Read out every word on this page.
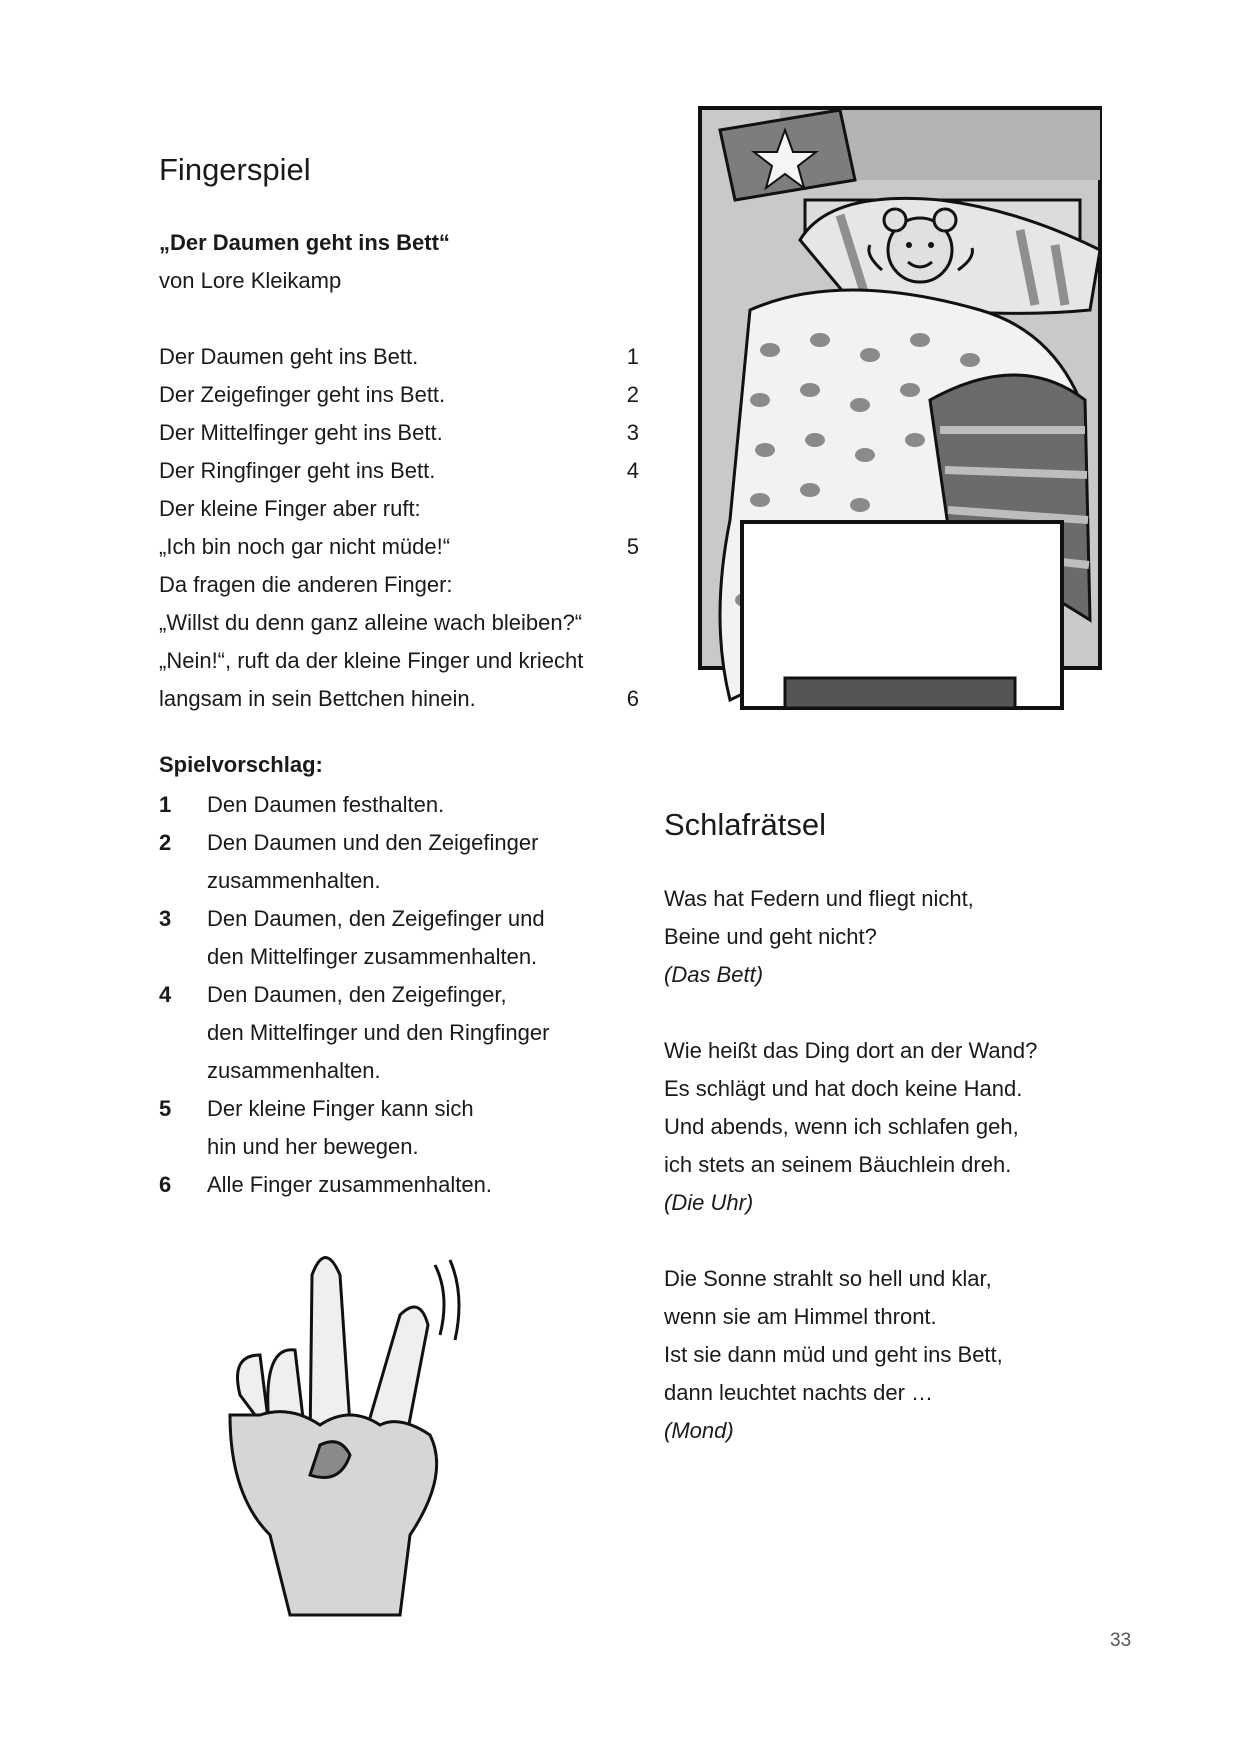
Fingerspiel
„Der Daumen geht ins Bett“
von Lore Kleikamp
Der Daumen geht ins Bett.	1
Der Zeigefinger geht ins Bett.	2
Der Mittelfinger geht ins Bett.	3
Der Ringfinger geht ins Bett.	4
Der kleine Finger aber ruft:
„Ich bin noch gar nicht müde!“	5
Da fragen die anderen Finger:
„Willst du denn ganz alleine wach bleiben?“
„Nein!“, ruft da der kleine Finger und kriecht
langsam in sein Bettchen hinein.	6
Spielvorschlag:
1 Den Daumen festhalten.
2 Den Daumen und den Zeigefinger
zusammenhalten.
3 Den Daumen, den Zeigefinger und
den Mittelfinger zusammenhalten.
4 Den Daumen, den Zeigefinger,
den Mittelfinger und den Ringfinger
zusammenhalten.
5 Der kleine Finger kann sich
hin und her bewegen.
6 Alle Finger zusammenhalten.
Schlafrätsel
Was hat Federn und fliegt nicht,
Beine und geht nicht?
(Das Bett)
Wie heißt das Ding dort an der Wand?
Es schlägt und hat doch keine Hand.
Und abends, wenn ich schlafen geh,
ich stets an seinem Bäuchlein dreh.
(Die Uhr)
Die Sonne strahlt so hell und klar,
wenn sie am Himmel thront.
Ist sie dann müd und geht ins Bett,
dann leuchtet nachts der …
(Mond)
33
